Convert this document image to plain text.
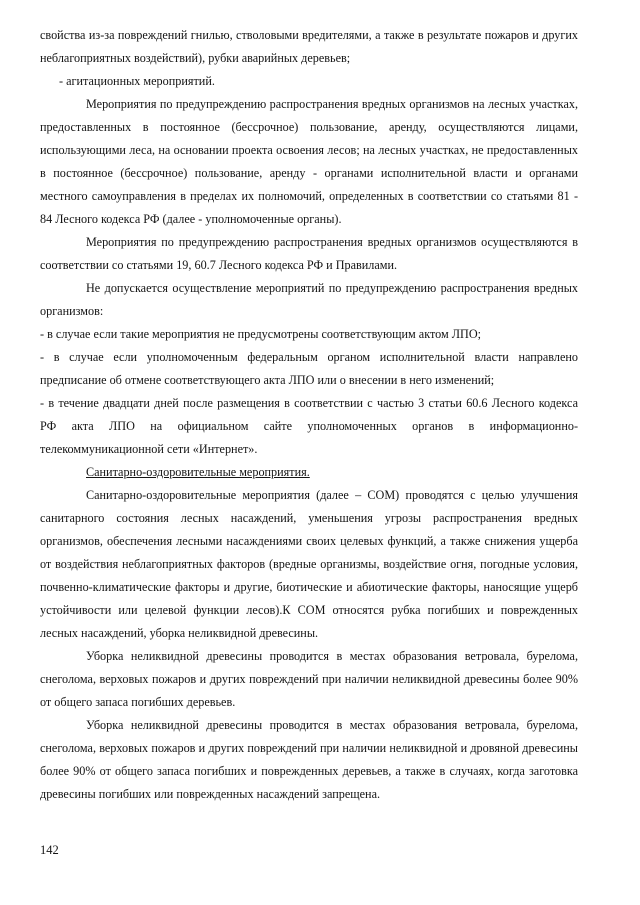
свойства из-за повреждений гнилью, стволовыми вредителями, а также в результате пожаров и других неблагоприятных воздействий), рубки аварийных деревьев;

- агитационных мероприятий.

Мероприятия по предупреждению распространения вредных организмов на лесных участках, предоставленных в постоянное (бессрочное) пользование, аренду, осуществляются лицами, использующими леса, на основании проекта освоения лесов; на лесных участках, не предоставленных в постоянное (бессрочное) пользование, аренду - органами исполнительной власти и органами местного самоуправления в пределах их полномочий, определенных в соответствии со статьями 81 - 84 Лесного кодекса РФ (далее - уполномоченные органы).

Мероприятия по предупреждению распространения вредных организмов осуществляются в соответствии со статьями 19, 60.7 Лесного кодекса РФ и Правилами.

Не допускается осуществление мероприятий по предупреждению распространения вредных организмов:

- в случае если такие мероприятия не предусмотрены соответствующим актом ЛПО;

- в случае если уполномоченным федеральным органом исполнительной власти направлено предписание об отмене соответствующего акта ЛПО или о внесении в него изменений;

- в течение двадцати дней после размещения в соответствии с частью 3 статьи 60.6 Лесного кодекса РФ акта ЛПО на официальном сайте уполномоченных органов в информационно-телекоммуникационной сети «Интернет».

Санитарно-оздоровительные мероприятия.

Санитарно-оздоровительные мероприятия (далее – СОМ) проводятся с целью улучшения санитарного состояния лесных насаждений, уменьшения угрозы распространения вредных организмов, обеспечения лесными насаждениями своих целевых функций, а также снижения ущерба от воздействия неблагоприятных факторов (вредные организмы, воздействие огня, погодные условия, почвенно-климатические факторы и другие, биотические и абиотические факторы, наносящие ущерб устойчивости или целевой функции лесов).К СОМ относятся рубка погибших и поврежденных лесных насаждений, уборка неликвидной древесины.

Уборка неликвидной древесины проводится в местах образования ветровала, бурелома, снеголома, верховых пожаров и других повреждений при наличии неликвидной древесины более 90% от общего запаса погибших деревьев.

Уборка неликвидной древесины проводится в местах образования ветровала, бурелома, снеголома, верховых пожаров и других повреждений при наличии неликвидной и дровяной древесины более 90% от общего запаса погибших и поврежденных деревьев, а также в случаях, когда заготовка древесины погибших или поврежденных насаждений запрещена.

142
